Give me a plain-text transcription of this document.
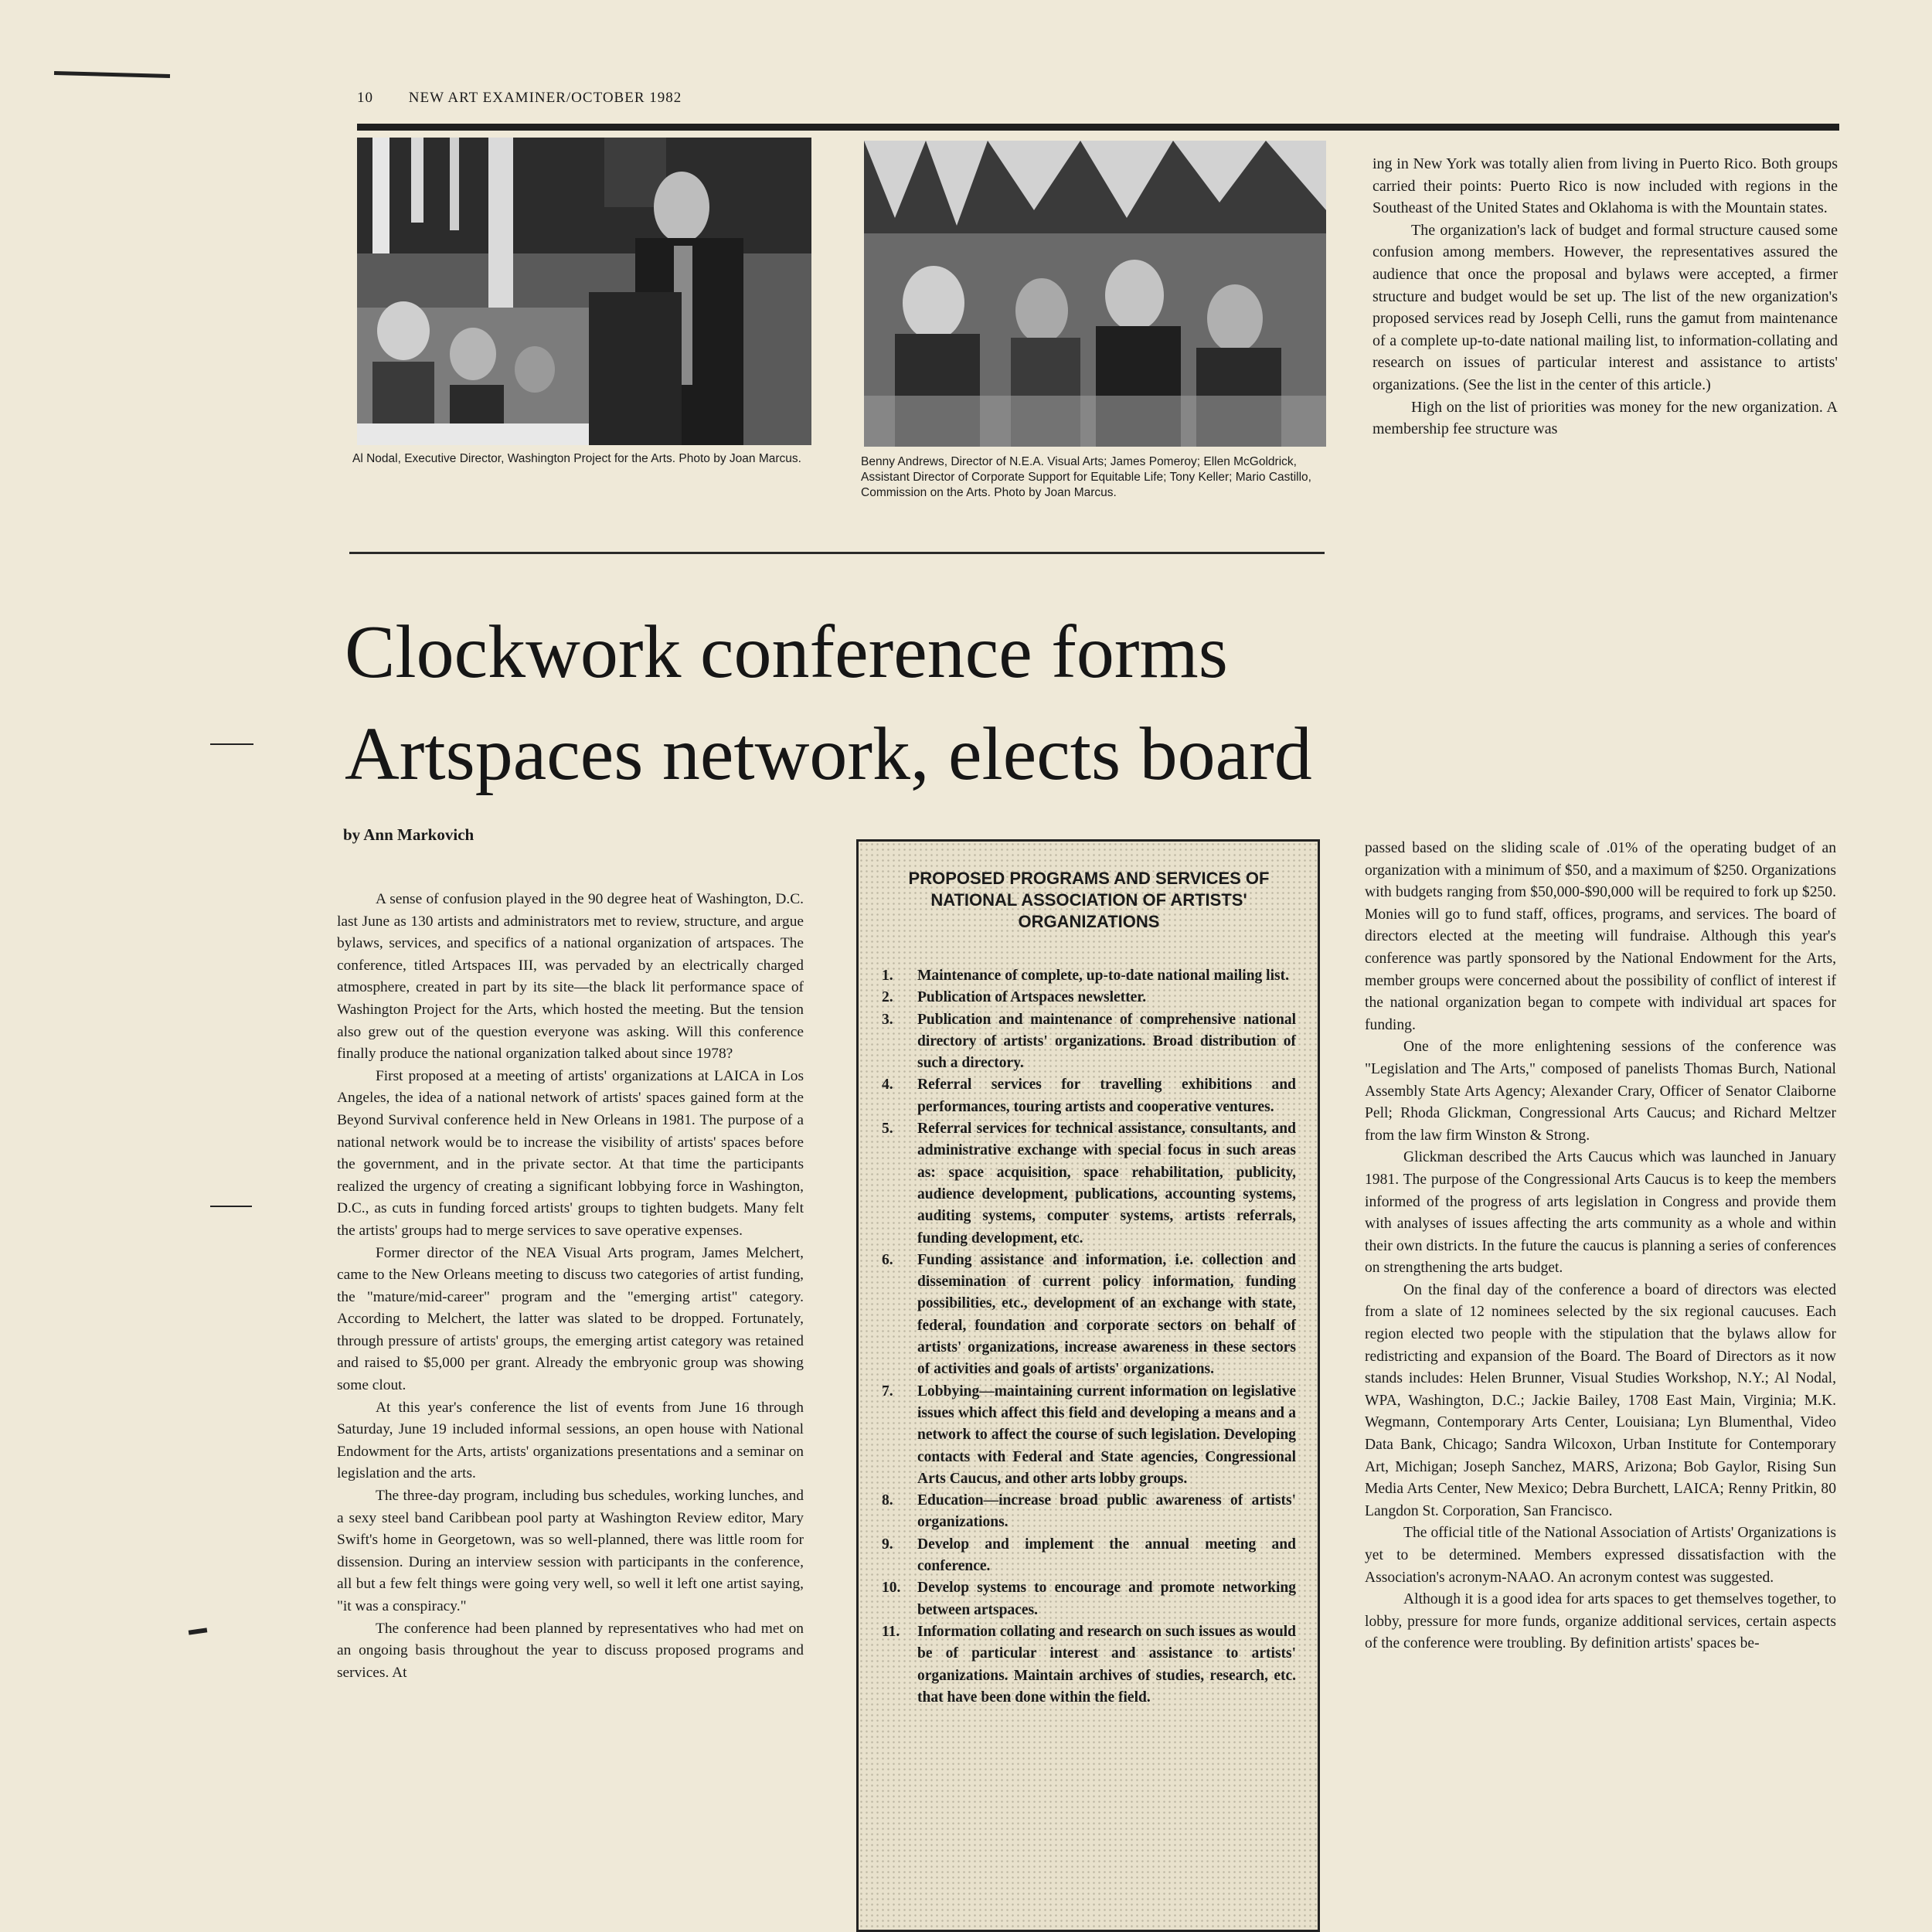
10 NEW ART EXAMINER/OCTOBER 1982
Al Nodal, Executive Director, Washington Project for the Arts. Photo by Joan Marcus.	Benny Andrews, Director of N.E.A. Visual Arts; James Pomeroy; Ellen McGoldrick, Assistant Director of Corporate Support for Equitable Life; Tony Keller; Mario Castillo, Commission on the Arts. Photo by Joan Marcus.

ing in New York was totally alien from living in Puerto Rico. Both groups carried their points: Puerto Rico is now included with regions in the Southeast of the United States and Oklahoma is with the Mountain states.

The organization's lack of budget and formal structure caused some confusion among members. However, the representatives assured the audience that once the proposal and bylaws were accepted, a firmer structure and budget would be set up. The list of the new organization's proposed services read by Joseph Celli, runs the gamut from maintenance of a complete up-to-date national mailing list, to information-collating and research on issues of particular interest and assistance to artists' organizations. (See the list in the center of this article.)

High on the list of priorities was money for the new organization. A membership fee structure was

Clockwork conference forms
Artspaces network, elects board
by Ann Markovich

A sense of confusion played in the 90 degree heat of Washington, D.C. last June as 130 artists and administrators met to review, structure, and argue bylaws, services, and specifics of a national organization of artspaces. The conference, titled Artspaces III, was pervaded by an electrically charged atmosphere, created in part by its site—the black lit performance space of Washington Project for the Arts, which hosted the meeting. But the tension also grew out of the question everyone was asking. Will this conference finally produce the national organization talked about since 1978?

First proposed at a meeting of artists' organizations at LAICA in Los Angeles, the idea of a national network of artists' spaces gained form at the Beyond Survival conference held in New Orleans in 1981. The purpose of a national network would be to increase the visibility of artists' spaces before the government, and in the private sector. At that time the participants realized the urgency of creating a significant lobbying force in Washington, D.C., as cuts in funding forced artists' groups to tighten budgets. Many felt the artists' groups had to merge services to save operative expenses.

Former director of the NEA Visual Arts program, James Melchert, came to the New Orleans meeting to discuss two categories of artist funding, the "mature/mid-career" program and the "emerging artist" category. According to Melchert, the latter was slated to be dropped. Fortunately, through pressure of artists' groups, the emerging artist category was retained and raised to $5,000 per grant. Already the embryonic group was showing some clout.

At this year's conference the list of events from June 16 through Saturday, June 19 included informal sessions, an open house with National Endowment for the Arts, artists' organizations presentations and a seminar on legislation and the arts.

The three-day program, including bus schedules, working lunches, and a sexy steel band Caribbean pool party at Washington Review editor, Mary Swift's home in Georgetown, was so well-planned, there was little room for dissension. During an interview session with participants in the conference, all but a few felt things were going very well, so well it left one artist saying, "it was a conspiracy."

The conference had been planned by representatives who had met on an ongoing basis throughout the year to discuss proposed programs and services. At

PROPOSED PROGRAMS AND SERVICES OF NATIONAL ASSOCIATION OF ARTISTS' ORGANIZATIONS
1. Maintenance of complete, up-to-date national mailing list.
2. Publication of Artspaces newsletter.
3. Publication and maintenance of comprehensive national directory of artists' organizations. Broad distribution of such a directory.
4. Referral services for travelling exhibitions and performances, touring artists and cooperative ventures.
5. Referral services for technical assistance, consultants, and administrative exchange with special focus in such areas as: space acquisition, space rehabilitation, publicity, audience development, publications, accounting systems, auditing systems, computer systems, artists referrals, funding development, etc.
6. Funding assistance and information, i.e. collection and dissemination of current policy information, funding possibilities, etc., development of an exchange with state, federal, foundation and corporate sectors on behalf of artists' organizations, increase awareness in these sectors of activities and goals of artists' organizations.
7. Lobbying—maintaining current information on legislative issues which affect this field and developing a means and a network to affect the course of such legislation. Developing contacts with Federal and State agencies, Congressional Arts Caucus, and other arts lobby groups.
8. Education—increase broad public awareness of artists' organizations.
9. Develop and implement the annual meeting and conference.
10. Develop systems to encourage and promote networking between artspaces.
11. Information collating and research on such issues as would be of particular interest and assistance to artists' organizations. Maintain archives of studies, research, etc. that have been done within the field.

passed based on the sliding scale of .01% of the operating budget of an organization with a minimum of $50, and a maximum of $250. Organizations with budgets ranging from $50,000-$90,000 will be required to fork up $250. Monies will go to fund staff, offices, programs, and services. The board of directors elected at the meeting will fundraise. Although this year's conference was partly sponsored by the National Endowment for the Arts, member groups were concerned about the possibility of conflict of interest if the national organization began to compete with individual art spaces for funding.

One of the more enlightening sessions of the conference was "Legislation and The Arts," composed of panelists Thomas Burch, National Assembly State Arts Agency; Alexander Crary, Officer of Senator Claiborne Pell; Rhoda Glickman, Congressional Arts Caucus; and Richard Meltzer from the law firm Winston & Strong.

Glickman described the Arts Caucus which was launched in January 1981. The purpose of the Congressional Arts Caucus is to keep the members informed of the progress of arts legislation in Congress and provide them with analyses of issues affecting the arts community as a whole and within their own districts. In the future the caucus is planning a series of conferences on strengthening the arts budget.

On the final day of the conference a board of directors was elected from a slate of 12 nominees selected by the six regional caucuses. Each region elected two people with the stipulation that the bylaws allow for redistricting and expansion of the Board. The Board of Directors as it now stands includes: Helen Brunner, Visual Studies Workshop, N.Y.; Al Nodal, WPA, Washington, D.C.; Jackie Bailey, 1708 East Main, Virginia; M.K. Wegmann, Contemporary Arts Center, Louisiana; Lyn Blumenthal, Video Data Bank, Chicago; Sandra Wilcoxon, Urban Institute for Contemporary Art, Michigan; Joseph Sanchez, MARS, Arizona; Bob Gaylor, Rising Sun Media Arts Center, New Mexico; Debra Burchett, LAICA; Renny Pritkin, 80 Langdon St. Corporation, San Francisco.

The official title of the National Association of Artists' Organizations is yet to be determined. Members expressed dissatisfaction with the Association's acronym-NAAO. An acronym contest was suggested.

Although it is a good idea for arts spaces to get themselves together, to lobby, pressure for more funds, organize additional services, certain aspects of the conference were troubling. By definition artists' spaces be-
